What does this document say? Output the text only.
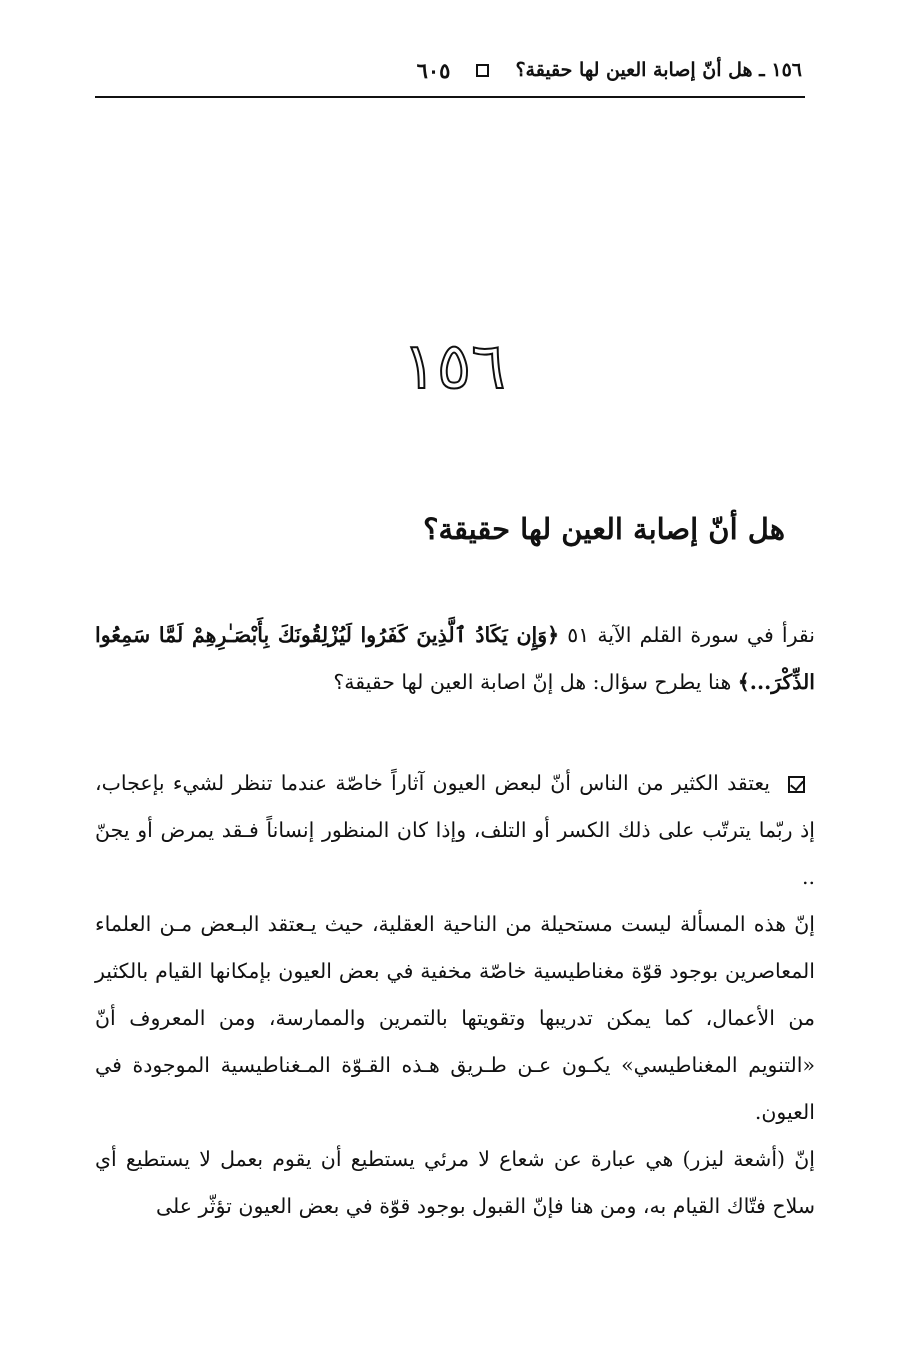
١٥٦ ـ هل أنّ إصابة العين لها حقيقة؟
٦٠٥
١٥٦
هل أنّ إصابة العين لها حقيقة؟

نقرأ في سورة القلم الآية ٥١ ﴿وَإِن يَكَادُ ٱلَّذِينَ كَفَرُوا لَيُزْلِقُونَكَ بِأَبْصَـٰرِهِمْ لَمَّا سَمِعُوا الذِّكْرَ...﴾ هنا يطرح سؤال: هل إنّ اصابة العين لها حقيقة؟

يعتقد الكثير من الناس أنّ لبعض العيون آثاراً خاصّة عندما تنظر لشيء بإعجاب، إذ ربّما يترتّب على ذلك الكسر أو التلف، وإذا كان المنظور إنساناً فـقد يمرض أو يجنّ ..

إنّ هذه المسألة ليست مستحيلة من الناحية العقلية، حيث يـعتقد البـعض مـن العلماء المعاصرين بوجود قوّة مغناطيسية خاصّة مخفية في بعض العيون بإمكانها القيام بالكثير من الأعمال، كما يمكن تدريبها وتقويتها بالتمرين والممارسة، ومن المعروف أنّ «التنويم المغناطيسي» يكـون عـن طـريق هـذه القـوّة المـغناطيسية الموجودة في العيون.

إنّ (أشعة ليزر) هي عبارة عن شعاع لا مرئي يستطيع أن يقوم بعمل لا يستطيع أي سلاح فتّاك القيام به، ومن هنا فإنّ القبول بوجود قوّة في بعض العيون تؤثّر على
